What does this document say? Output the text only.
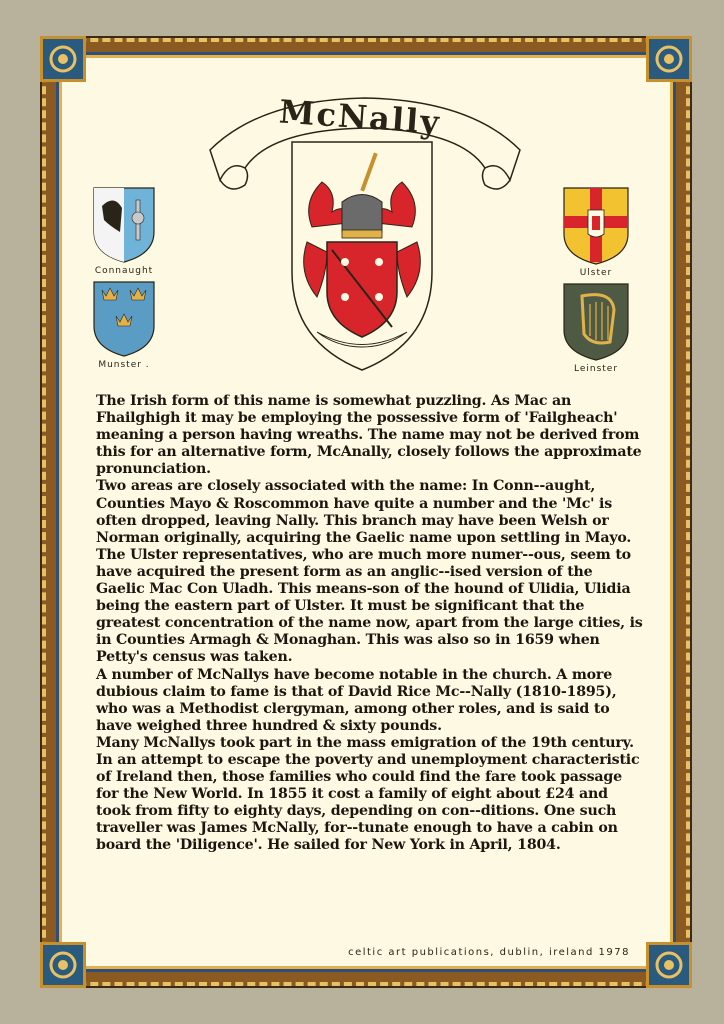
McNally
Connaught
Munster .
Ulster
Leinster

The Irish form of this name is somewhat puzzling. As Mac an Fhailghigh it may be employing the possessive form of 'Failgheach' meaning a person having wreaths. The name may not be derived from this for an alternative form, McAnally, closely follows the approximate pronunciation.

Two areas are closely associated with the name: In Conn--aught, Counties Mayo & Roscommon have quite a number and the 'Mc' is often dropped, leaving Nally. This branch may have been Welsh or Norman originally, acquiring the Gaelic name upon settling in Mayo.

The Ulster representatives, who are much more numer--ous, seem to have acquired the present form as an anglic--ised version of the Gaelic Mac Con Uladh. This means-son of the hound of Ulidia, Ulidia being the eastern part of Ulster. It must be significant that the greatest concentration of the name now, apart from the large cities, is in Counties Armagh & Monaghan. This was also so in 1659 when Petty's census was taken.

A number of McNallys have become notable in the church. A more dubious claim to fame is that of David Rice Mc--Nally (1810-1895), who was a Methodist clergyman, among other roles, and is said to have weighed three hundred & sixty pounds.

Many McNallys took part in the mass emigration of the 19th century. In an attempt to escape the poverty and unemployment characteristic of Ireland then, those families who could find the fare took passage for the New World. In 1855 it cost a family of eight about £24 and took from fifty to eighty days, depending on con--ditions. One such traveller was James McNally, for--tunate enough to have a cabin on board the 'Diligence'. He sailed for New York in April, 1804.

celtic art publications, dublin, ireland 1978
